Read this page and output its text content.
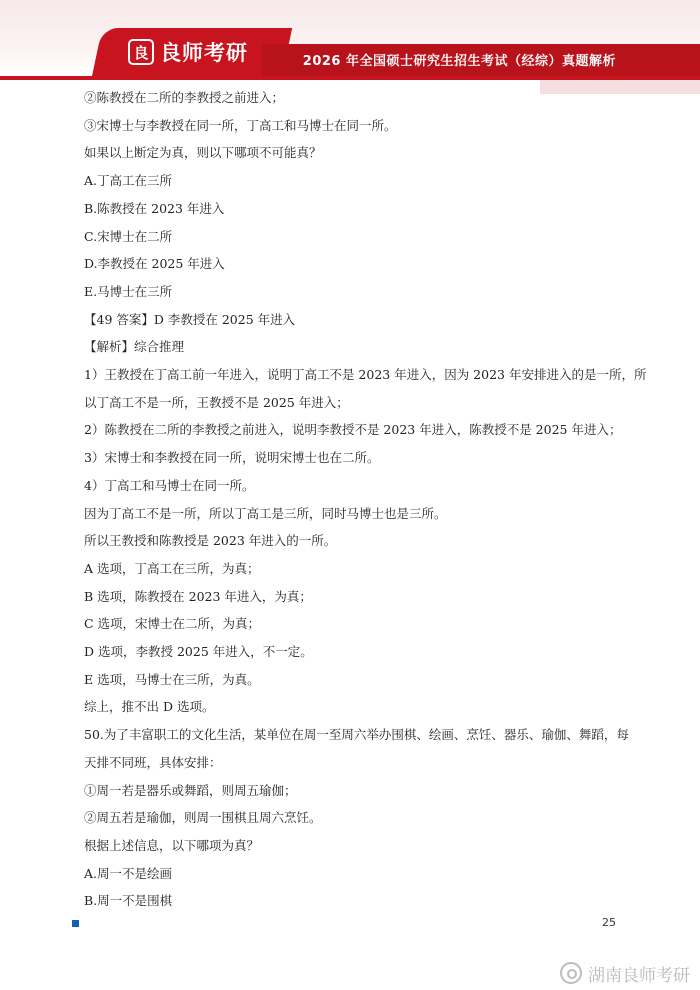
良 良师考研	2026 年全国硕士研究生招生考试（经综）真题解析
②陈教授在二所的李教授之前进入；
③宋博士与李教授在同一所，丁高工和马博士在同一所。
如果以上断定为真，则以下哪项不可能真？
A.丁高工在三所
B.陈教授在 2023 年进入
C.宋博士在二所
D.李教授在 2025 年进入
E.马博士在三所
【49 答案】D 李教授在 2025 年进入
【解析】综合推理
1）王教授在丁高工前一年进入，说明丁高工不是 2023 年进入，因为 2023 年安排进入的是一所，所
以丁高工不是一所，王教授不是 2025 年进入；
2）陈教授在二所的李教授之前进入，说明李教授不是 2023 年进入，陈教授不是 2025 年进入；
3）宋博士和李教授在同一所，说明宋博士也在二所。
4）丁高工和马博士在同一所。
因为丁高工不是一所，所以丁高工是三所，同时马博士也是三所。
所以王教授和陈教授是 2023 年进入的一所。
A 选项，丁高工在三所，为真；
B 选项，陈教授在 2023 年进入，为真；
C 选项，宋博士在二所，为真；
D 选项，李教授 2025 年进入，不一定。
E 选项，马博士在三所，为真。
综上，推不出 D 选项。
50.为了丰富职工的文化生活，某单位在周一至周六举办围棋、绘画、烹饪、器乐、瑜伽、舞蹈，每
天排不同班，具体安排：
①周一若是器乐或舞蹈，则周五瑜伽；
②周五若是瑜伽，则周一围棋且周六烹饪。
根据上述信息，以下哪项为真？
A.周一不是绘画
B.周一不是围棋
25
湖南良师考研
